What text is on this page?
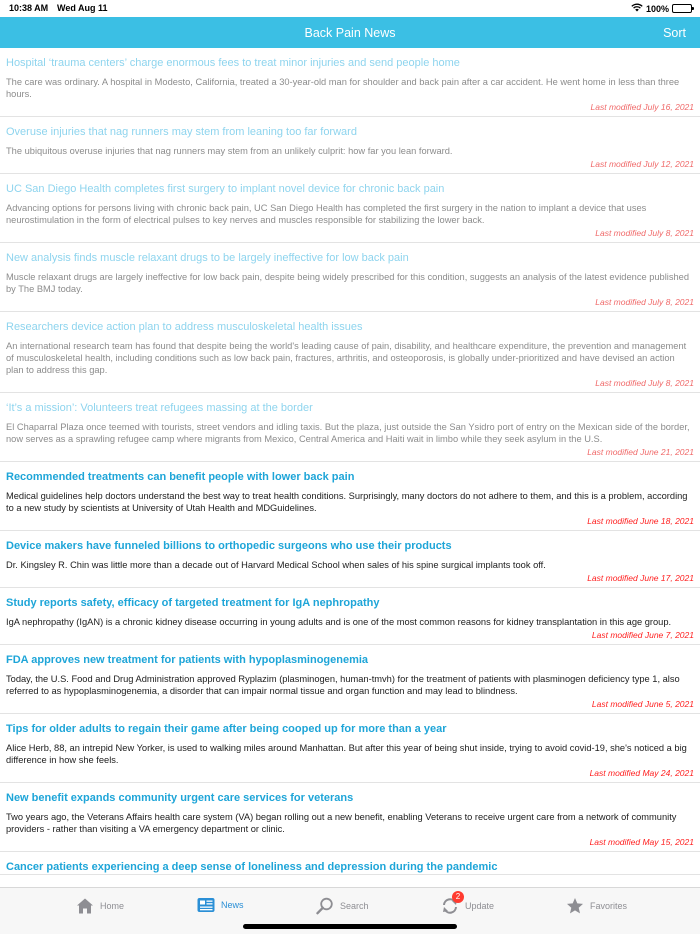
10:38 AM Wed Aug 11	100%
Back Pain News	Sort
Hospital ‘trauma centers’ charge enormous fees to treat minor injuries and send people home
The care was ordinary. A hospital in Modesto, California, treated a 30-year-old man for shoulder and back pain after a car accident. He went home in less than three hours.
Last modified July 16, 2021
Overuse injuries that nag runners may stem from leaning too far forward
The ubiquitous overuse injuries that nag runners may stem from an unlikely culprit: how far you lean forward.
Last modified July 12, 2021
UC San Diego Health completes first surgery to implant novel device for chronic back pain
Advancing options for persons living with chronic back pain, UC San Diego Health has completed the first surgery in the nation to implant a device that uses neurostimulation in the form of electrical pulses to key nerves and muscles responsible for stabilizing the lower back.
Last modified July 8, 2021
New analysis finds muscle relaxant drugs to be largely ineffective for low back pain
Muscle relaxant drugs are largely ineffective for low back pain, despite being widely prescribed for this condition, suggests an analysis of the latest evidence published by The BMJ today.
Last modified July 8, 2021
Researchers device action plan to address musculoskeletal health issues
An international research team has found that despite being the world's leading cause of pain, disability, and healthcare expenditure, the prevention and management of musculoskeletal health, including conditions such as low back pain, fractures, arthritis, and osteoporosis, is globally under-prioritized and have devised an action plan to address this gap.
Last modified July 8, 2021
‘It’s a mission’: Volunteers treat refugees massing at the border
El Chaparral Plaza once teemed with tourists, street vendors and idling taxis. But the plaza, just outside the San Ysidro port of entry on the Mexican side of the border, now serves as a sprawling refugee camp where migrants from Mexico, Central America and Haiti wait in limbo while they seek asylum in the U.S.
Last modified June 21, 2021
Recommended treatments can benefit people with lower back pain
Medical guidelines help doctors understand the best way to treat health conditions. Surprisingly, many doctors do not adhere to them, and this is a problem, according to a new study by scientists at University of Utah Health and MDGuidelines.
Last modified June 18, 2021
Device makers have funneled billions to orthopedic surgeons who use their products
Dr. Kingsley R. Chin was little more than a decade out of Harvard Medical School when sales of his spine surgical implants took off.
Last modified June 17, 2021
Study reports safety, efficacy of targeted treatment for IgA nephropathy
IgA nephropathy (IgAN) is a chronic kidney disease occurring in young adults and is one of the most common reasons for kidney transplantation in this age group.
Last modified June 7, 2021
FDA approves new treatment for patients with hypoplasminogenemia
Today, the U.S. Food and Drug Administration approved Ryplazim (plasminogen, human-tmvh) for the treatment of patients with plasminogen deficiency type 1, also referred to as hypoplasminogenemia, a disorder that can impair normal tissue and organ function and may lead to blindness.
Last modified June 5, 2021
Tips for older adults to regain their game after being cooped up for more than a year
Alice Herb, 88, an intrepid New Yorker, is used to walking miles around Manhattan. But after this year of being shut inside, trying to avoid covid-19, she's noticed a big difference in how she feels.
Last modified May 24, 2021
New benefit expands community urgent care services for veterans
Two years ago, the Veterans Affairs health care system (VA) began rolling out a new benefit, enabling Veterans to receive urgent care from a network of community providers - rather than visiting a VA emergency department or clinic.
Last modified May 15, 2021
Cancer patients experiencing a deep sense of loneliness and depression during the pandemic
Home	News	Search
2
Update	Favorites
